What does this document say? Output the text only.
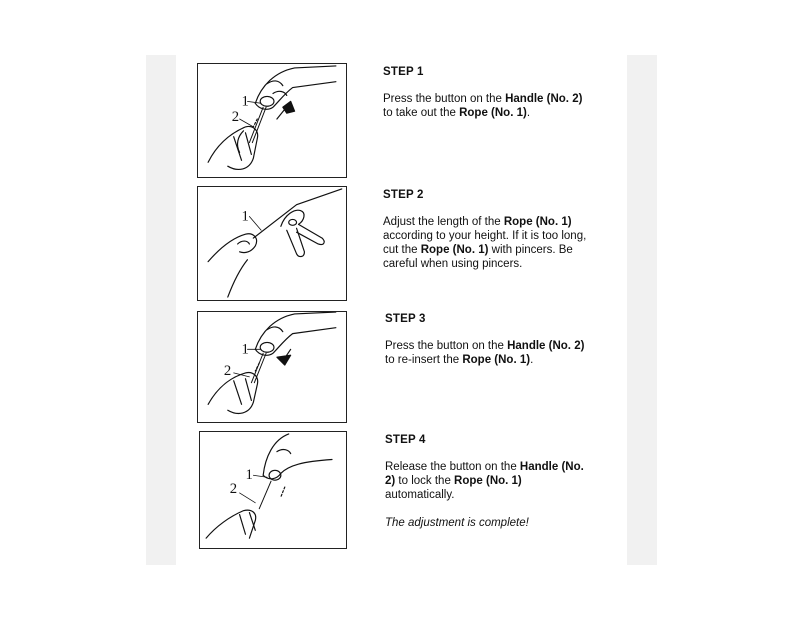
1
2
1
1
2
1
2
STEP 1
Press the button on the Handle (No. 2) to take out the Rope (No. 1).
STEP 2
Adjust the length of the Rope (No. 1) according to your height. If it is too long, cut the Rope (No. 1) with pincers. Be careful when using pincers.
STEP 3
Press the button on the Handle (No. 2) to re-insert the Rope (No. 1).
STEP 4
Release the button on the Handle (No. 2) to lock the Rope (No. 1) automatically.
The adjustment is complete!
